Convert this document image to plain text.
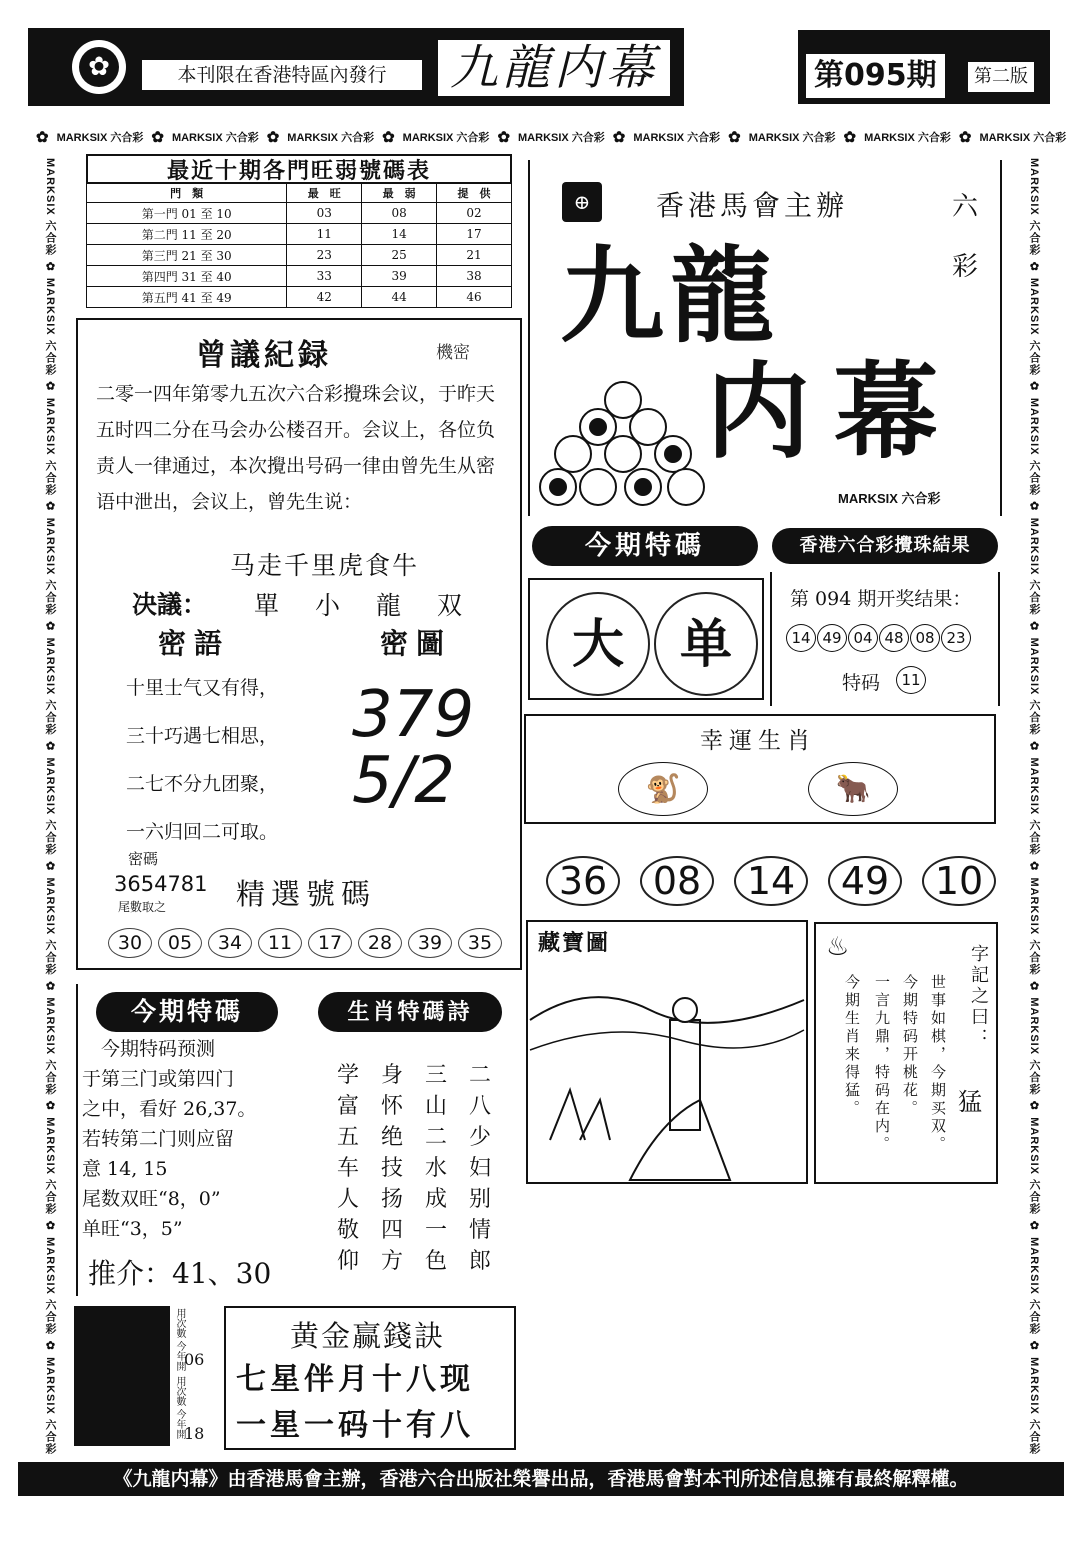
✿	本刊限在香港特區內發行	九龍内幕	第095期	第二版
✿ MARKSIX 六合彩 ✿ MARKSIX 六合彩 ✿ MARKSIX 六合彩 ✿ MARKSIX 六合彩 ✿ MARKSIX 六合彩 ✿ MARKSIX 六合彩 ✿ MARKSIX 六合彩 ✿ MARKSIX 六合彩 ✿ MARKSIX 六合彩
MARKSIX 六合彩 ✿ MARKSIX 六合彩 ✿ MARKSIX 六合彩 ✿ MARKSIX 六合彩 ✿ MARKSIX 六合彩 ✿ MARKSIX 六合彩 ✿ MARKSIX 六合彩 ✿ MARKSIX 六合彩 ✿ MARKSIX 六合彩 ✿ MARKSIX 六合彩 ✿ MARKSIX 六合彩
MARKSIX 六合彩 ✿ MARKSIX 六合彩 ✿ MARKSIX 六合彩 ✿ MARKSIX 六合彩 ✿ MARKSIX 六合彩 ✿ MARKSIX 六合彩 ✿ MARKSIX 六合彩 ✿ MARKSIX 六合彩 ✿ MARKSIX 六合彩 ✿ MARKSIX 六合彩 ✿ MARKSIX 六合彩
最近十期各門旺弱號碼表
門　類	最　旺	最　弱	提　供
第一門 01 至 10	03	08	02
第二門 11 至 20	11	14	17
第三門 21 至 30	23	25	21
第四門 31 至 40	33	39	38
第五門 41 至 49	42	44	46
曾議紀録	機密
二零一四年第零九五次六合彩攪珠会议，于昨天五时四二分在马会办公楼召开。会议上，各位负责人一律通过，本次攪出号码一律由曾先生从密语中泄出，会议上，曾先生说：
马走千里虎食牛
决議： 單小龍双
密語	密圖
十里士气又有得，
三十巧遇七相思，
二七不分九团聚，
一六归回二可取。
379
5/2
密碼
3654781
尾數取之 精選號碼
30	05	34	11	17	28	39	35
⊕	香港馬會主辦	六
彩
九龍
内幕
MARKSIX 六合彩
今期特碼
大	单
香港六合彩攪珠結果
第 094 期开奖结果：
14 49 04 48 08 23
特码	11
幸運生肖
🐒	🐂
36	08	14	49	10
藏寶圖	♨	字記之曰：
猛
世事如棋，今期买双。
今期特码开桃花。
一言九鼎，特码在内。
今期生肖来得猛。
今期特碼
　今期特码预测
于第三门或第四门
之中，看好 26,37。
若转第二门则应留
意 14, 15
尾数双旺“8，0”
单旺“3，5”
推介：41、30
生肖特碼詩
学 身 三 二
富 怀 山 八
五 绝 二 少
车 技 水 妇
人 扬 成 别
敬 四 一 情
仰 方 色 郎
用次數 今年開 06
用次數 今年開 18
黄金赢錢訣
七星伴月十八现
一星一码十有八
《九龍内幕》由香港馬會主辦，香港六合出版社榮譽出品，香港馬會對本刊所述信息擁有最終解釋權。
